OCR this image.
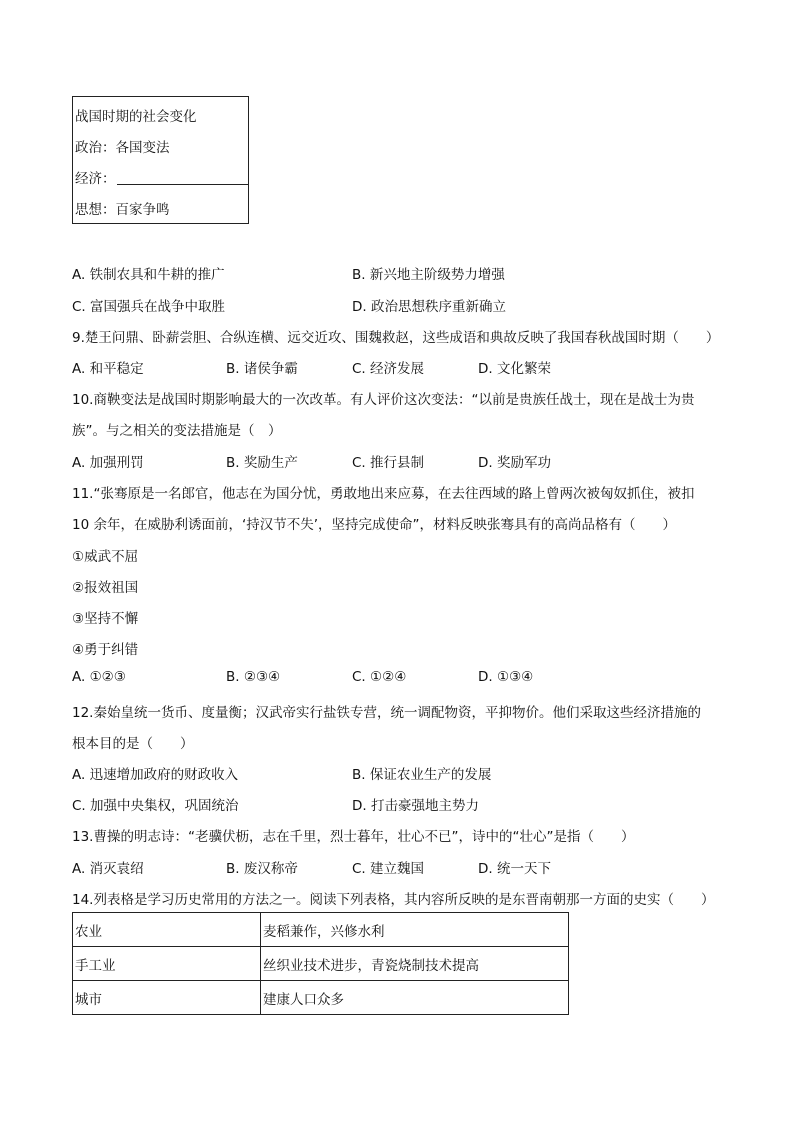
战国时期的社会变化
政治：各国变法
经济：
思想：百家争鸣
A. 铁制农具和牛耕的推广	B. 新兴地主阶级势力增强
C. 富国强兵在战争中取胜	D. 政治思想秩序重新确立
9.楚王问鼎、卧薪尝胆、合纵连横、远交近攻、围魏救赵，这些成语和典故反映了我国春秋战国时期（　　）
A. 和平稳定	B. 诸侯争霸	C. 经济发展	D. 文化繁荣
10.商鞅变法是战国时期影响最大的一次改革。有人评价这次变法：“以前是贵族任战士，现在是战士为贵
族”。与之相关的变法措施是（　）
A. 加强刑罚	B. 奖励生产	C. 推行县制	D. 奖励军功
11.“张骞原是一名郎官，他志在为国分忧，勇敢地出来应募，在去往西域的路上曾两次被匈奴抓住，被扣
10 余年，在威胁利诱面前，‘持汉节不失’，坚持完成使命”，材料反映张骞具有的高尚品格有（　　）
①威武不屈
②报效祖国
③坚持不懈
④勇于纠错
A. ①②③	B. ②③④	C. ①②④	D. ①③④
12.秦始皇统一货币、度量衡；汉武帝实行盐铁专营，统一调配物资，平抑物价。他们采取这些经济措施的
根本目的是（　　）
A. 迅速增加政府的财政收入	B. 保证农业生产的发展
C. 加强中央集权，巩固统治	D. 打击豪强地主势力
13.曹操的明志诗：“老骥伏枥，志在千里，烈士暮年，壮心不已”，诗中的“壮心”是指（　　）
A. 消灭袁绍	B. 废汉称帝	C. 建立魏国	D. 统一天下
14.列表格是学习历史常用的方法之一。阅读下列表格，其内容所反映的是东晋南朝那一方面的史实（　　）
农业	麦稻兼作，兴修水利
手工业	丝织业技术进步，青瓷烧制技术提高
城市	建康人口众多
